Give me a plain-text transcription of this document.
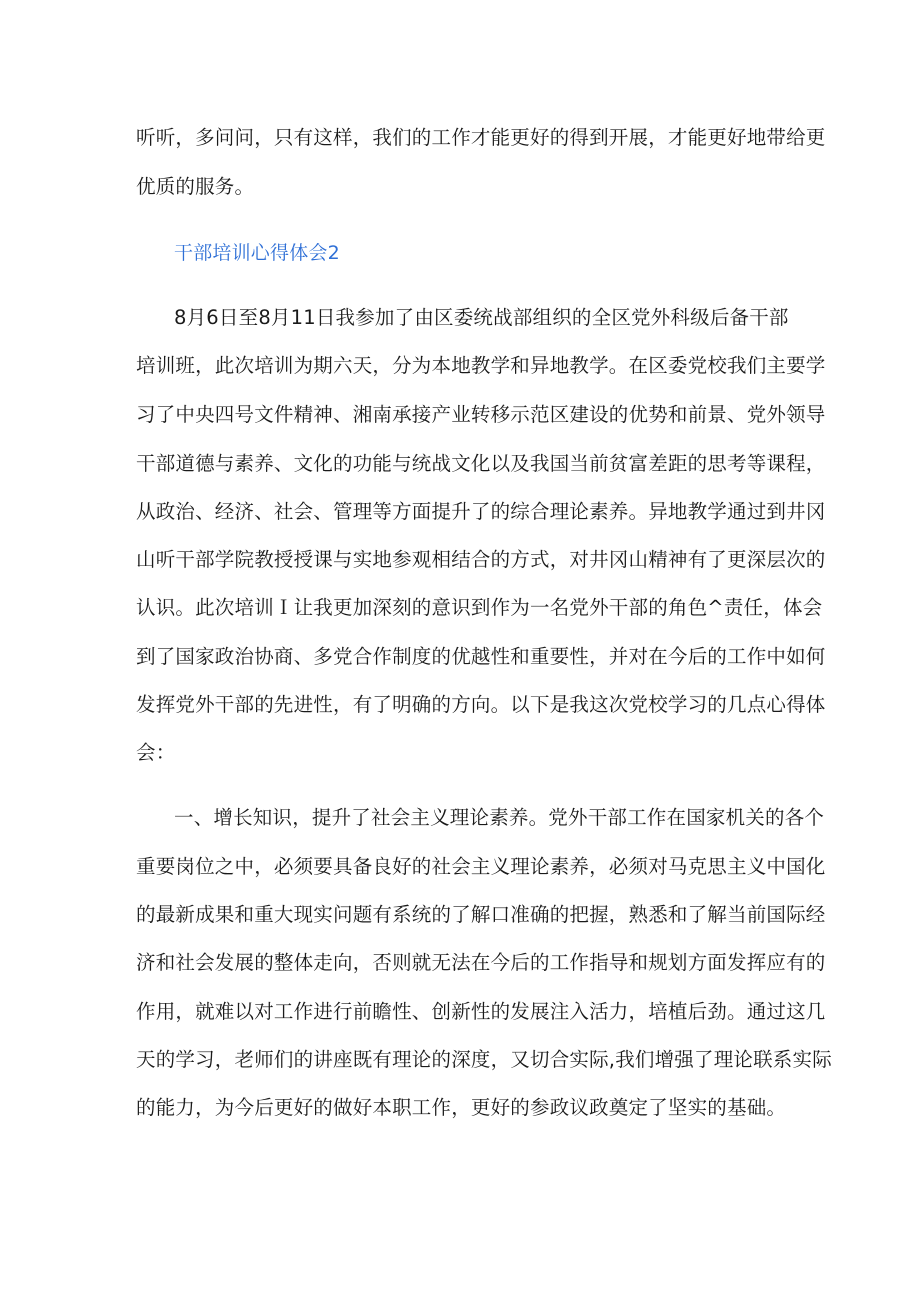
听听，多问问，只有这样，我们的工作才能更好的得到开展，才能更好地带给更
优质的服务。
干部培训心得体会2
8月6日至8月11日我参加了由区委统战部组织的全区党外科级后备干部
培训班，此次培训为期六天，分为本地教学和异地教学。在区委党校我们主要学
习了中央四号文件精神、湘南承接产业转移示范区建设的优势和前景、党外领导
干部道德与素养、文化的功能与统战文化以及我国当前贫富差距的思考等课程，
从政治、经济、社会、管理等方面提升了的综合理论素养。异地教学通过到井冈
山听干部学院教授授课与实地参观相结合的方式，对井冈山精神有了更深层次的
认识。此次培训Ｉ让我更加深刻的意识到作为一名党外干部的角色^责任，体会
到了国家政治协商、多党合作制度的优越性和重要性，并对在今后的工作中如何
发挥党外干部的先进性，有了明确的方向。以下是我这次党校学习的几点心得体
会：
一、增长知识，提升了社会主义理论素养。党外干部工作在国家机关的各个
重要岗位之中，必须要具备良好的社会主义理论素养，必须对马克思主义中国化
的最新成果和重大现实问题有系统的了解口准确的把握，熟悉和了解当前国际经
济和社会发展的整体走向，否则就无法在今后的工作指导和规划方面发挥应有的
作用，就难以对工作进行前瞻性、创新性的发展注入活力，培植后劲。通过这几
天的学习，老师们的讲座既有理论的深度，又切合实际,我们增强了理论联系实际
的能力，为今后更好的做好本职工作，更好的参政议政奠定了坚实的基础。
